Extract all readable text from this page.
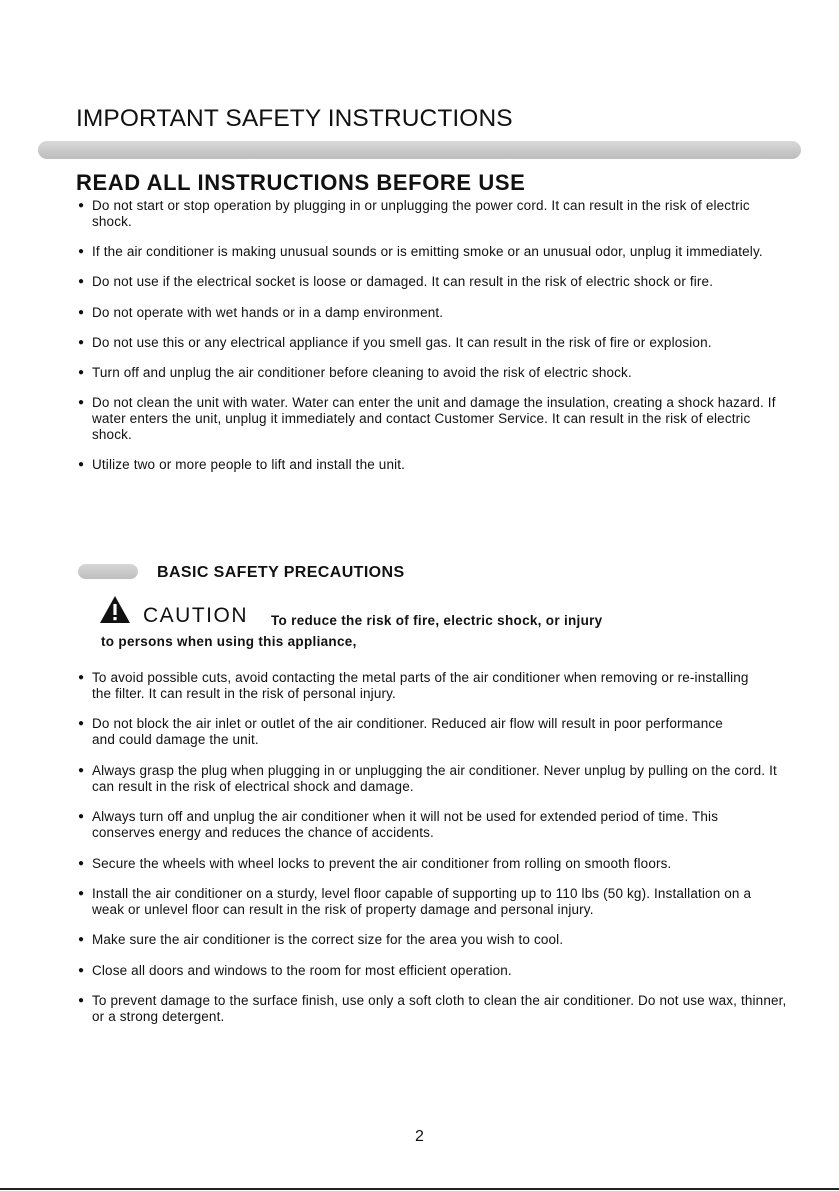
IMPORTANT SAFETY INSTRUCTIONS
READ ALL INSTRUCTIONS BEFORE USE
● Do not start or stop operation by plugging in or unplugging the power cord. It can result in the risk of electric shock.
● If the air conditioner is making unusual sounds or is emitting smoke or an unusual odor, unplug it immediately.
● Do not use if the electrical socket is loose or damaged. It can result in the risk of electric shock or fire.
● Do not operate with wet hands or in a damp environment.
● Do not use this or any electrical appliance if you smell gas. It can result in the risk of fire or explosion.
● Turn off and unplug the air conditioner before cleaning to avoid the risk of electric shock.
● Do not clean the unit with water. Water can enter the unit and damage the insulation, creating a shock hazard. If water enters the unit, unplug it immediately and contact Customer Service. It can result in the risk of electric shock.
● Utilize two or more people to lift and install the unit.
BASIC SAFETY PRECAUTIONS
CAUTION To reduce the risk of fire, electric shock, or injury
to persons when using this appliance,
● To avoid possible cuts, avoid contacting the metal parts of the air conditioner when removing or re-installing the filter. It can result in the risk of personal injury.
● Do not block the air inlet or outlet of the air conditioner. Reduced air flow will result in poor performance and could damage the unit.
● Always grasp the plug when plugging in or unplugging the air conditioner. Never unplug by pulling on the cord. It can result in the risk of electrical shock and damage.
● Always turn off and unplug the air conditioner when it will not be used for extended period of time. This conserves energy and reduces the chance of accidents.
● Secure the wheels with wheel locks to prevent the air conditioner from rolling on smooth floors.
● Install the air conditioner on a sturdy, level floor capable of supporting up to 110 lbs (50 kg). Installation on a weak or unlevel floor can result in the risk of property damage and personal injury.
● Make sure the air conditioner is the correct size for the area you wish to cool.
● Close all doors and windows to the room for most efficient operation.
● To prevent damage to the surface finish, use only a soft cloth to clean the air conditioner. Do not use wax, thinner, or a strong detergent.
2
